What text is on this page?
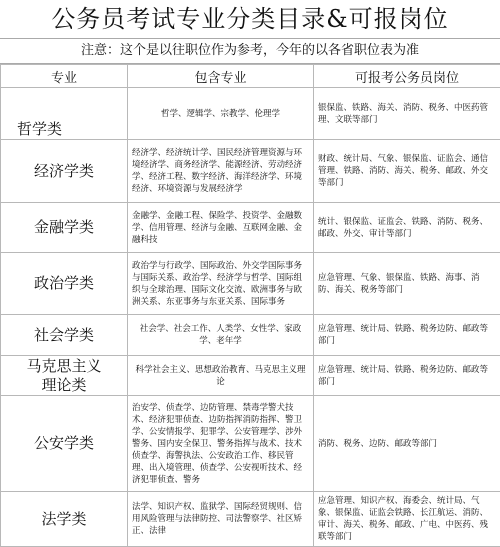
公务员考试专业分类目录&可报岗位
注意：这个是以往职位作为参考，今年的以各省职位表为准
专业	包含专业	可报考公务员岗位
哲学类	哲学、逻辑学、宗教学、伦理学	银保监、铁路、海关、消防、税务、中医药管理、文联等部门
经济学类	经济学、经济统计学、国民经济管理资源与环境经济学、商务经济学、能源经济、劳动经济学、经济工程、数字经济、海洋经济学、环境经济、环境资源与发展经济学	财政、统计局、气象、银保监、证监会、通信管理、铁路、消防、海关、税务、邮政、外交等部门
金融学类	金融学、金融工程、保险学、投资学、金融数学、信用管理、经济与金融、互联网金融、金融科技	统计、银保监、证监会、铁路、消防、税务、邮政、外交、审计等部门
政治学类	政治学与行政学、国际政治、外交学国际事务与国际关系、政治学、经济学与哲学、国际组织与全球治理、国际文化交流、欧洲事务与欧洲关系、东亚事务与东亚关系、国际事务	应急管理、气象、银保监、铁路、海事、消防、海关、税务等部门
社会学类	社会学、社会工作、人类学、女性学、家政学、老年学	应急管理、统计局、铁路、税务边防、邮政等部门
马克思主义理论类	科学社会主义、思想政治教育、马克思主义理论	应急管理、统计局、铁路、税务边防、邮政等部门
公安学类	治安学、侦查学、边防管理、禁毒学警犬技术、经济犯罪侦查、边防指挥消防指挥、警卫学、公安情报学、犯罪学、公安管理学、涉外警务、国内安全保卫、警务指挥与战术、技术侦查学、海警执法、公安政治工作、移民管理、出入境管理、侦查学、公安视听技术、经济犯罪侦查、警务	消防、税务、边防、邮政等部门
法学类	法学、知识产权、监狱学、国际经贸规则、信用风险管理与法律防控、司法警察学、社区矫正、法律	应急管理、知识产权、海委会、统计局、气象、银保监、证监会铁路、长江航运、消防、审计、海关、税务、邮政、广电、中医药、残联等部门
